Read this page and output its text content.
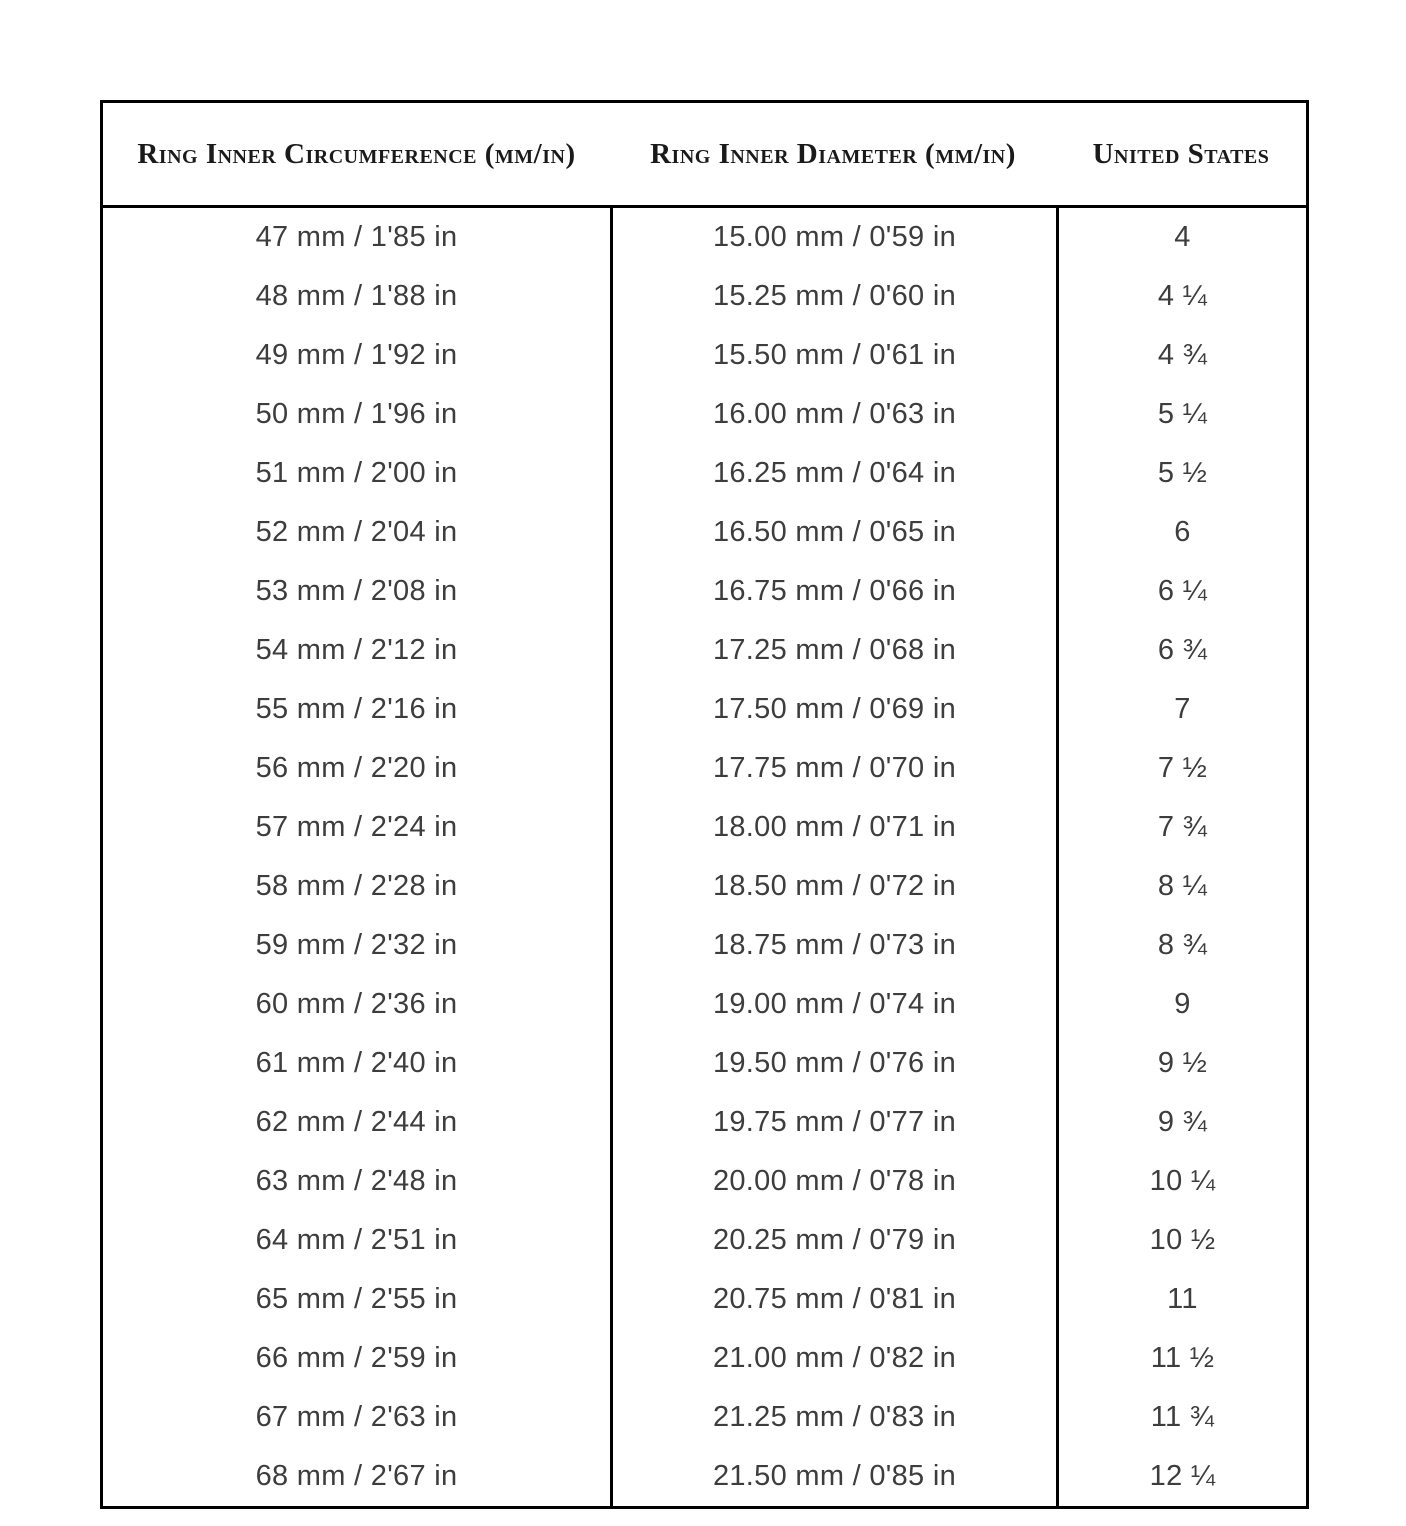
Ring Inner Circumference (mm/in)	Ring Inner Diameter (mm/in)	United States
47 mm / 1'85 in	15.00 mm / 0'59 in	4
48 mm / 1'88 in	15.25 mm / 0'60 in	4 ¼
49 mm / 1'92 in	15.50 mm / 0'61 in	4 ¾
50 mm / 1'96 in	16.00 mm / 0'63 in	5 ¼
51 mm / 2'00 in	16.25 mm / 0'64 in	5 ½
52 mm / 2'04 in	16.50 mm / 0'65 in	6
53 mm / 2'08 in	16.75 mm / 0'66 in	6 ¼
54 mm / 2'12 in	17.25 mm / 0'68 in	6 ¾
55 mm / 2'16 in	17.50 mm / 0'69 in	7
56 mm / 2'20 in	17.75 mm / 0'70 in	7 ½
57 mm / 2'24 in	18.00 mm / 0'71 in	7 ¾
58 mm / 2'28 in	18.50 mm / 0'72 in	8 ¼
59 mm / 2'32 in	18.75 mm / 0'73 in	8 ¾
60 mm / 2'36 in	19.00 mm / 0'74 in	9
61 mm / 2'40 in	19.50 mm / 0'76 in	9 ½
62 mm / 2'44 in	19.75 mm / 0'77 in	9 ¾
63 mm / 2'48 in	20.00 mm / 0'78 in	10 ¼
64 mm / 2'51 in	20.25 mm / 0'79 in	10 ½
65 mm / 2'55 in	20.75 mm / 0'81 in	11
66 mm / 2'59 in	21.00 mm / 0'82 in	11 ½
67 mm / 2'63 in	21.25 mm / 0'83 in	11 ¾
68 mm / 2'67 in	21.50 mm / 0'85 in	12 ¼
